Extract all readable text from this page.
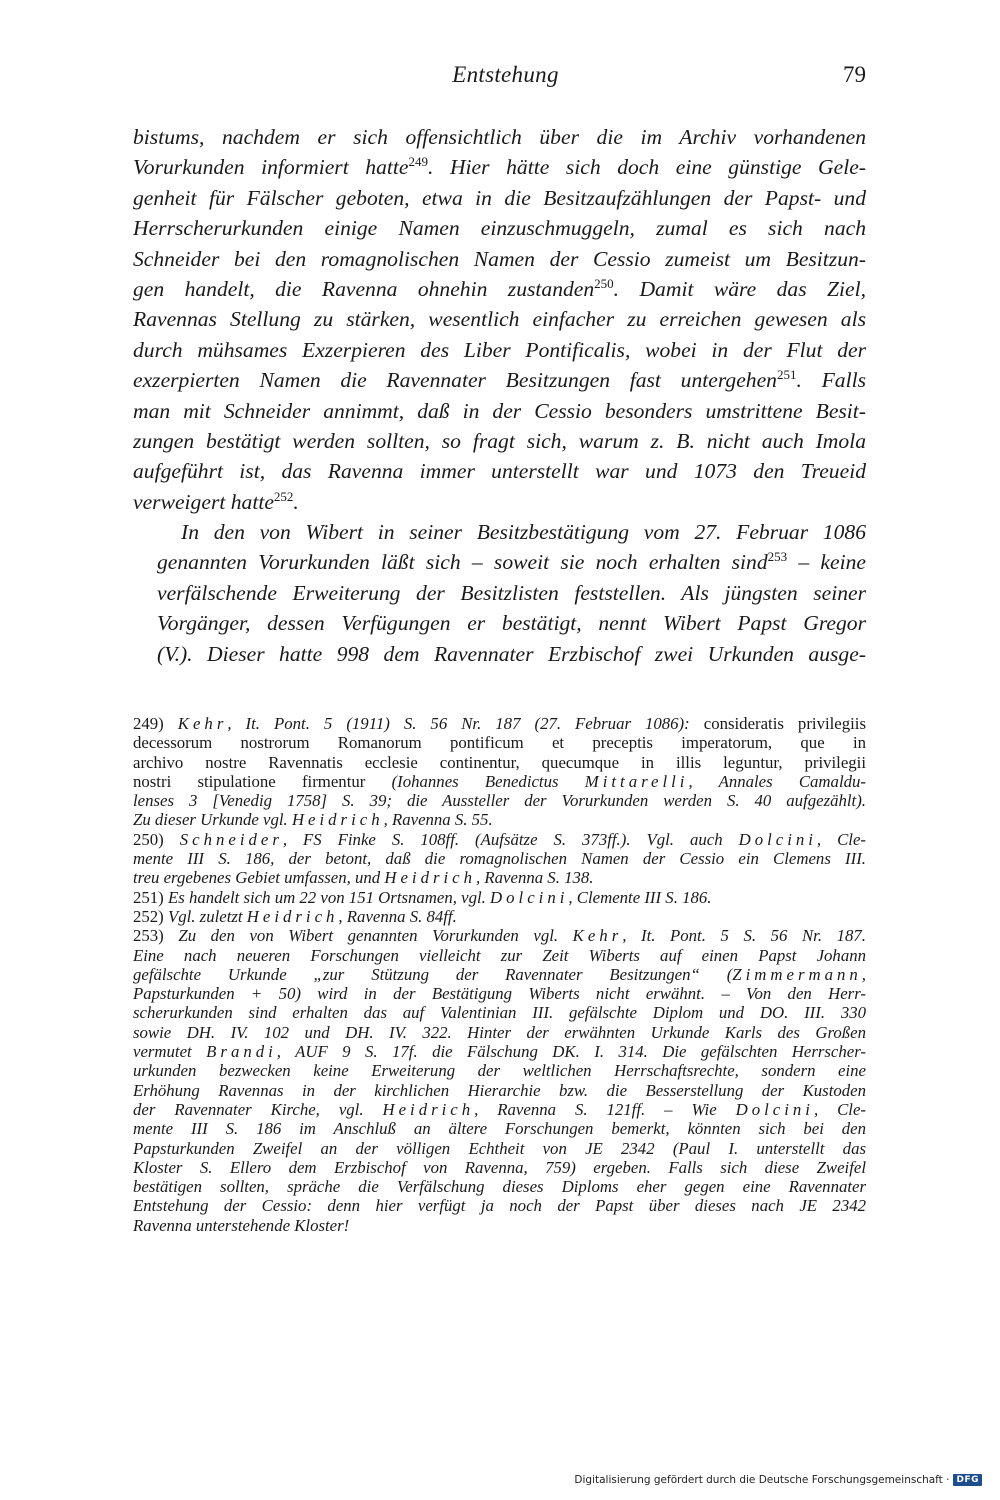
Entstehung	79

bistums, nachdem er sich offensichtlich über die im Archiv vorhandenen
Vorurkunden informiert hatte$^{249}$. Hier hätte sich doch eine günstige Gele-
genheit für Fälscher geboten, etwa in die Besitzaufzählungen der Papst- und
Herrscherurkunden einige Namen einzuschmuggeln, zumal es sich nach
Schneider bei den romagnolischen Namen der Cessio zumeist um Besitzun-
gen handelt, die Ravenna ohnehin zustanden$^{250}$. Damit wäre das Ziel,
Ravennas Stellung zu stärken, wesentlich einfacher zu erreichen gewesen als
durch mühsames Exzerpieren des Liber Pontificalis, wobei in der Flut der
exzerpierten Namen die Ravennater Besitzungen fast untergehen$^{251}$. Falls
man mit Schneider annimmt, daß in der Cessio besonders umstrittene Besit-
zungen bestätigt werden sollten, so fragt sich, warum z. B. nicht auch Imola
aufgeführt ist, das Ravenna immer unterstellt war und 1073 den Treueid
verweigert hatte$^{252}$.

In den von Wibert in seiner Besitzbestätigung vom 27. Februar 1086
genannten Vorurkunden läßt sich – soweit sie noch erhalten sind$^{253}$ – keine
verfälschende Erweiterung der Besitzlisten feststellen. Als jüngsten seiner
Vorgänger, dessen Verfügungen er bestätigt, nennt Wibert Papst Gregor
(V.). Dieser hatte 998 dem Ravennater Erzbischof zwei Urkunden ausge-

249) Kehr, It. Pont. 5 (1911) S. 56 Nr. 187 (27. Februar 1086): consideratis privilegiis
decessorum nostrorum Romanorum pontificum et preceptis imperatorum, que in
archivo nostre Ravennatis ecclesie continentur, quecumque in illis leguntur, privilegii
nostri stipulatione firmentur (Iohannes Benedictus Mittarelli, Annales Camaldu-
lenses 3 [Venedig 1758] S. 39; die Aussteller der Vorurkunden werden S. 40 aufgezählt).
Zu dieser Urkunde vgl. Heidrich, Ravenna S. 55.
250) Schneider, FS Finke S. 108ff. (Aufsätze S. 373ff.). Vgl. auch Dolcini, Cle-
mente III S. 186, der betont, daß die romagnolischen Namen der Cessio ein Clemens III.
treu ergebenes Gebiet umfassen, und Heidrich, Ravenna S. 138.
251) Es handelt sich um 22 von 151 Ortsnamen, vgl. Dolcini, Clemente III S. 186.
252) Vgl. zuletzt Heidrich, Ravenna S. 84ff.
253) Zu den von Wibert genannten Vorurkunden vgl. Kehr, It. Pont. 5 S. 56 Nr. 187.
Eine nach neueren Forschungen vielleicht zur Zeit Wiberts auf einen Papst Johann
gefälschte Urkunde „zur Stützung der Ravennater Besitzungen“ (Zimmermann,
Papsturkunden + 50) wird in der Bestätigung Wiberts nicht erwähnt. – Von den Herr-
scherurkunden sind erhalten das auf Valentinian III. gefälschte Diplom und DO. III. 330
sowie DH. IV. 102 und DH. IV. 322. Hinter der erwähnten Urkunde Karls des Großen
vermutet Brandi, AUF 9 S. 17f. die Fälschung DK. I. 314. Die gefälschten Herrscher-
urkunden bezwecken keine Erweiterung der weltlichen Herrschaftsrechte, sondern eine
Erhöhung Ravennas in der kirchlichen Hierarchie bzw. die Besserstellung der Kustoden
der Ravennater Kirche, vgl. Heidrich, Ravenna S. 121ff. – Wie Dolcini, Cle-
mente III S. 186 im Anschluß an ältere Forschungen bemerkt, könnten sich bei den
Papsturkunden Zweifel an der völligen Echtheit von JE 2342 (Paul I. unterstellt das
Kloster S. Ellero dem Erzbischof von Ravenna, 759) ergeben. Falls sich diese Zweifel
bestätigen sollten, spräche die Verfälschung dieses Diploms eher gegen eine Ravennater
Entstehung der Cessio: denn hier verfügt ja noch der Papst über dieses nach JE 2342
Ravenna unterstehende Kloster!
Digitalisierung gefördert durch die Deutsche Forschungsgemeinschaft · DFG
